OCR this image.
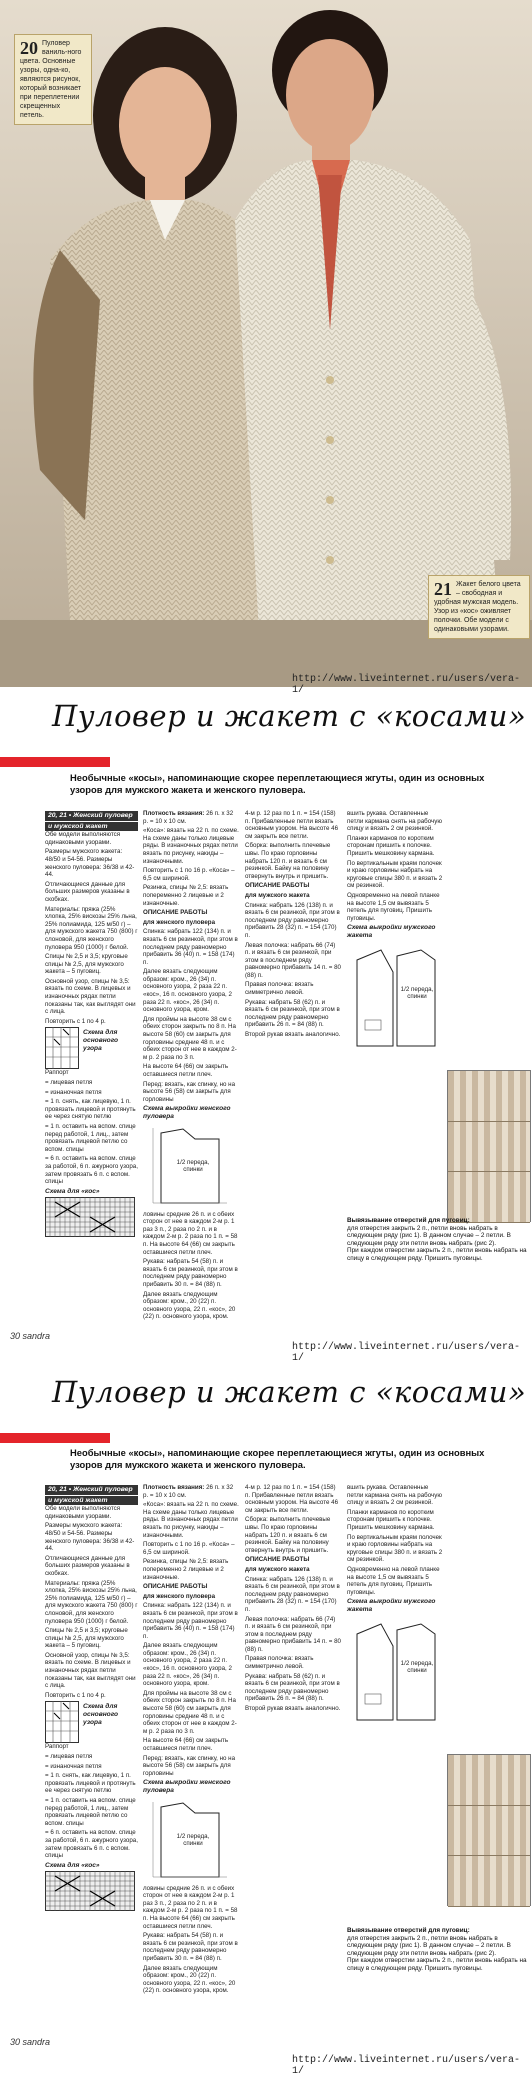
20 Пуловер ваниль-ного цвета. Основные узоры, одна-ко, являются рисунок, который возникает при переплетении скрещенных петель.
21 Жакет белого цвета – свободная и удобная мужская модель. Узор из «кос» оживляет полочки. Обе модели с одинаковыми узорами.
http://www.liveinternet.ru/users/vera-1/
Пуловер и жакет с «косами»
Необычные «косы», напоминающие скорее переплетающиеся жгуты, один из основных узоров для мужского жакета и женского пуловера.
20, 21 • Женский пуловер
и мужской жакет

Обе модели выполняются одинаковыми узорами.

Размеры мужского жакета: 48/50 и 54-56. Размеры женского пуловера: 36/38 и 42-44.

Отличающиеся данные для больших размеров указаны в скобках.

Материалы: пряжа (25% хлопка, 25% вискозы 25% льна, 25% полиамида, 125 м/50 г) – для мужского жакета 750 (800) г слоновой, для женского пуловера 950 (1000) г белой.

Спицы № 2,5 и 3,5; круговые спицы № 2,5, для мужского жакета – 5 пуговиц.

Основной узор, спицы № 3,5: вязать по схеме. В лицевых и изнаночных рядах петли показаны так, как выглядят они с лица.

Повторить с 1 по 4 р.

Схема для основного узора

Раппорт

= лицевая петля

= изнаночная петля

= 1 п. снять, как лицевую, 1 п. провязать лицевой и протянуть ее через снятую петлю

= 1 п. оставить на вспом. спице перед работой, 1 лиц., затем провязать лицевой петлю со вспом. спицы

= 6 п. оставить на вспом. спице за работой, 6 п. ажурного узора, затем провязать 6 п. с вспом. спицы

Схема для «кос»

Плотность вязания: 26 п. x 32 р. = 10 x 10 см.

«Коса»: вязать на 22 п. по схеме. На схеме даны только лицевые ряды. В изнаночных рядах петли вязать по рисунку, накиды – изнаночными.

Повторить с 1 по 16 р. «Коса» – 6,5 см шириной.

Резинка, спицы № 2,5: вязать попеременно 2 лицевые и 2 изнаночные.

ОПИСАНИЕ РАБОТЫ

для женского пуловера

Спинка: набрать 122 (134) п. и вязать 6 см резинкой, при этом в последнем ряду равномерно прибавить 36 (40) п. = 158 (174) п.

Далее вязать следующим образом: кром., 26 (34) п. основного узора, 2 раза 22 п. «кос», 16 п. основного узора, 2 раза 22 п. «кос», 26 (34) п. основного узора, кром.

Для проймы на высоте 38 см с обеих сторон закрыть по 8 п. На высоте 58 (60) см закрыть для горловины средние 48 п. и с обеих сторон от нее в каждом 2-м р. 2 раза по 3 п.

На высоте 64 (66) см закрыть оставшиеся петли плеч.

Перед: вязать, как спинку, но на высоте 56 (58) см закрыть для горловины

Схема выкройки женского пуловера
1/2 переда, спинки

ловины средние 26 п. и с обеих сторон от нее в каждом 2-м р. 1 раз 3 п., 2 раза по 2 п. и в каждом 2-м р. 2 раза по 1 п. = 58 п. На высоте 64 (66) см закрыть оставшиеся петли плеч.

Рукава: набрать 54 (58) п. и вязать 6 см резинкой, при этом в последнем ряду равномерно прибавить 30 п. = 84 (88) п.

Далее вязать следующим образом: кром., 20 (22) п. основного узора, 22 п. «кос», 20 (22) п. основного узора, кром.

4-м р. 12 раз по 1 п. = 154 (158) п. Прибавленные петли вязать основным узором. На высоте 46 см закрыть все петли.

Сборка: выполнить плечевые швы. По краю горловины набрать 120 п. и вязать 6 см резинкой. Байку на половину отвернуть внутрь и пришить.

ОПИСАНИЕ РАБОТЫ

для мужского жакета

Спинка: набрать 126 (138) п. и вязать 6 см резинкой, при этом в последнем ряду равномерно прибавить 28 (32) п. = 154 (170) п.

Левая полочка: набрать 66 (74) п. и вязать 6 см резинкой, при этом в последнем ряду равномерно прибавить 14 п. = 80 (88) п.

Правая полочка: вязать симметрично левой.

Рукава: набрать 58 (62) п. и вязать 6 см резинкой, при этом в последнем ряду равномерно прибавить 26 п. = 84 (88) п.

Второй рукав вязать аналогично.

вшить рукава. Оставленные петли кармана снять на рабочую спицу и вязать 2 см резинкой.

Планки карманов по коротким сторонам пришить к полочке. Пришить мешковину кармана.

По вертикальным краям полочек и краю горловины набрать на круговые спицы 380 п. и вязать 2 см резинкой.

Одновременно на левой планке на высоте 1,5 см вывязать 5 петель для пуговиц. Пришить пуговицы.

Схема выкройки мужского жакета
1/2 переда, спинки

Вывязывание отверстий для пуговиц:

для отверстия закрыть 2 п., петли вновь набрать в следующем ряду (рис 1). В данном случае – 2 петли. В следующем ряду эти петли вновь набрать (рис 2).

При каждом отверстии закрыть 2 п., петли вновь набрать на спицу в следующем ряду. Пришить пуговицы.

30 sandra
http://www.liveinternet.ru/users/vera-1/
Пуловер и жакет с «косами»
Необычные «косы», напоминающие скорее переплетающиеся жгуты, один из основных узоров для мужского жакета и женского пуловера.
20, 21 • Женский пуловер
и мужской жакет

Обе модели выполняются одинаковыми узорами.

Размеры мужского жакета: 48/50 и 54-56. Размеры женского пуловера: 36/38 и 42-44.

Отличающиеся данные для больших размеров указаны в скобках.

Материалы: пряжа (25% хлопка, 25% вискозы 25% льна, 25% полиамида, 125 м/50 г) – для мужского жакета 750 (800) г слоновой, для женского пуловера 950 (1000) г белой.

Спицы № 2,5 и 3,5; круговые спицы № 2,5, для мужского жакета – 5 пуговиц.

Основной узор, спицы № 3,5: вязать по схеме. В лицевых и изнаночных рядах петли показаны так, как выглядят они с лица.

Повторить с 1 по 4 р.

Схема для основного узора

Раппорт

= лицевая петля

= изнаночная петля

= 1 п. снять, как лицевую, 1 п. провязать лицевой и протянуть ее через снятую петлю

= 1 п. оставить на вспом. спице перед работой, 1 лиц., затем провязать лицевой петлю со вспом. спицы

= 6 п. оставить на вспом. спице за работой, 6 п. ажурного узора, затем провязать 6 п. с вспом. спицы

Схема для «кос»

Плотность вязания: 26 п. x 32 р. = 10 x 10 см.

«Коса»: вязать на 22 п. по схеме. На схеме даны только лицевые ряды. В изнаночных рядах петли вязать по рисунку, накиды – изнаночными.

Повторить с 1 по 16 р. «Коса» – 6,5 см шириной.

Резинка, спицы № 2,5: вязать попеременно 2 лицевые и 2 изнаночные.

ОПИСАНИЕ РАБОТЫ

для женского пуловера

Спинка: набрать 122 (134) п. и вязать 6 см резинкой, при этом в последнем ряду равномерно прибавить 36 (40) п. = 158 (174) п.

Далее вязать следующим образом: кром., 26 (34) п. основного узора, 2 раза 22 п. «кос», 16 п. основного узора, 2 раза 22 п. «кос», 26 (34) п. основного узора, кром.

Для проймы на высоте 38 см с обеих сторон закрыть по 8 п. На высоте 58 (60) см закрыть для горловины средние 48 п. и с обеих сторон от нее в каждом 2-м р. 2 раза по 3 п.

На высоте 64 (66) см закрыть оставшиеся петли плеч.

Перед: вязать, как спинку, но на высоте 56 (58) см закрыть для горловины

Схема выкройки женского пуловера
1/2 переда, спинки

ловины средние 26 п. и с обеих сторон от нее в каждом 2-м р. 1 раз 3 п., 2 раза по 2 п. и в каждом 2-м р. 2 раза по 1 п. = 58 п. На высоте 64 (66) см закрыть оставшиеся петли плеч.

Рукава: набрать 54 (58) п. и вязать 6 см резинкой, при этом в последнем ряду равномерно прибавить 30 п. = 84 (88) п.

Далее вязать следующим образом: кром., 20 (22) п. основного узора, 22 п. «кос», 20 (22) п. основного узора, кром.

4-м р. 12 раз по 1 п. = 154 (158) п. Прибавленные петли вязать основным узором. На высоте 46 см закрыть все петли.

Сборка: выполнить плечевые швы. По краю горловины набрать 120 п. и вязать 6 см резинкой. Байку на половину отвернуть внутрь и пришить.

ОПИСАНИЕ РАБОТЫ

для мужского жакета

Спинка: набрать 126 (138) п. и вязать 6 см резинкой, при этом в последнем ряду равномерно прибавить 28 (32) п. = 154 (170) п.

Левая полочка: набрать 66 (74) п. и вязать 6 см резинкой, при этом в последнем ряду равномерно прибавить 14 п. = 80 (88) п.

Правая полочка: вязать симметрично левой.

Рукава: набрать 58 (62) п. и вязать 6 см резинкой, при этом в последнем ряду равномерно прибавить 26 п. = 84 (88) п.

Второй рукав вязать аналогично.

вшить рукава. Оставленные петли кармана снять на рабочую спицу и вязать 2 см резинкой.

Планки карманов по коротким сторонам пришить к полочке. Пришить мешковину кармана.

По вертикальным краям полочек и краю горловины набрать на круговые спицы 380 п. и вязать 2 см резинкой.

Одновременно на левой планке на высоте 1,5 см вывязать 5 петель для пуговиц. Пришить пуговицы.

Схема выкройки мужского жакета
1/2 переда, спинки

Вывязывание отверстий для пуговиц:

для отверстия закрыть 2 п., петли вновь набрать в следующем ряду (рис 1). В данном случае – 2 петли. В следующем ряду эти петли вновь набрать (рис 2).

При каждом отверстии закрыть 2 п., петли вновь набрать на спицу в следующем ряду. Пришить пуговицы.

30 sandra
http://www.liveinternet.ru/users/vera-1/
